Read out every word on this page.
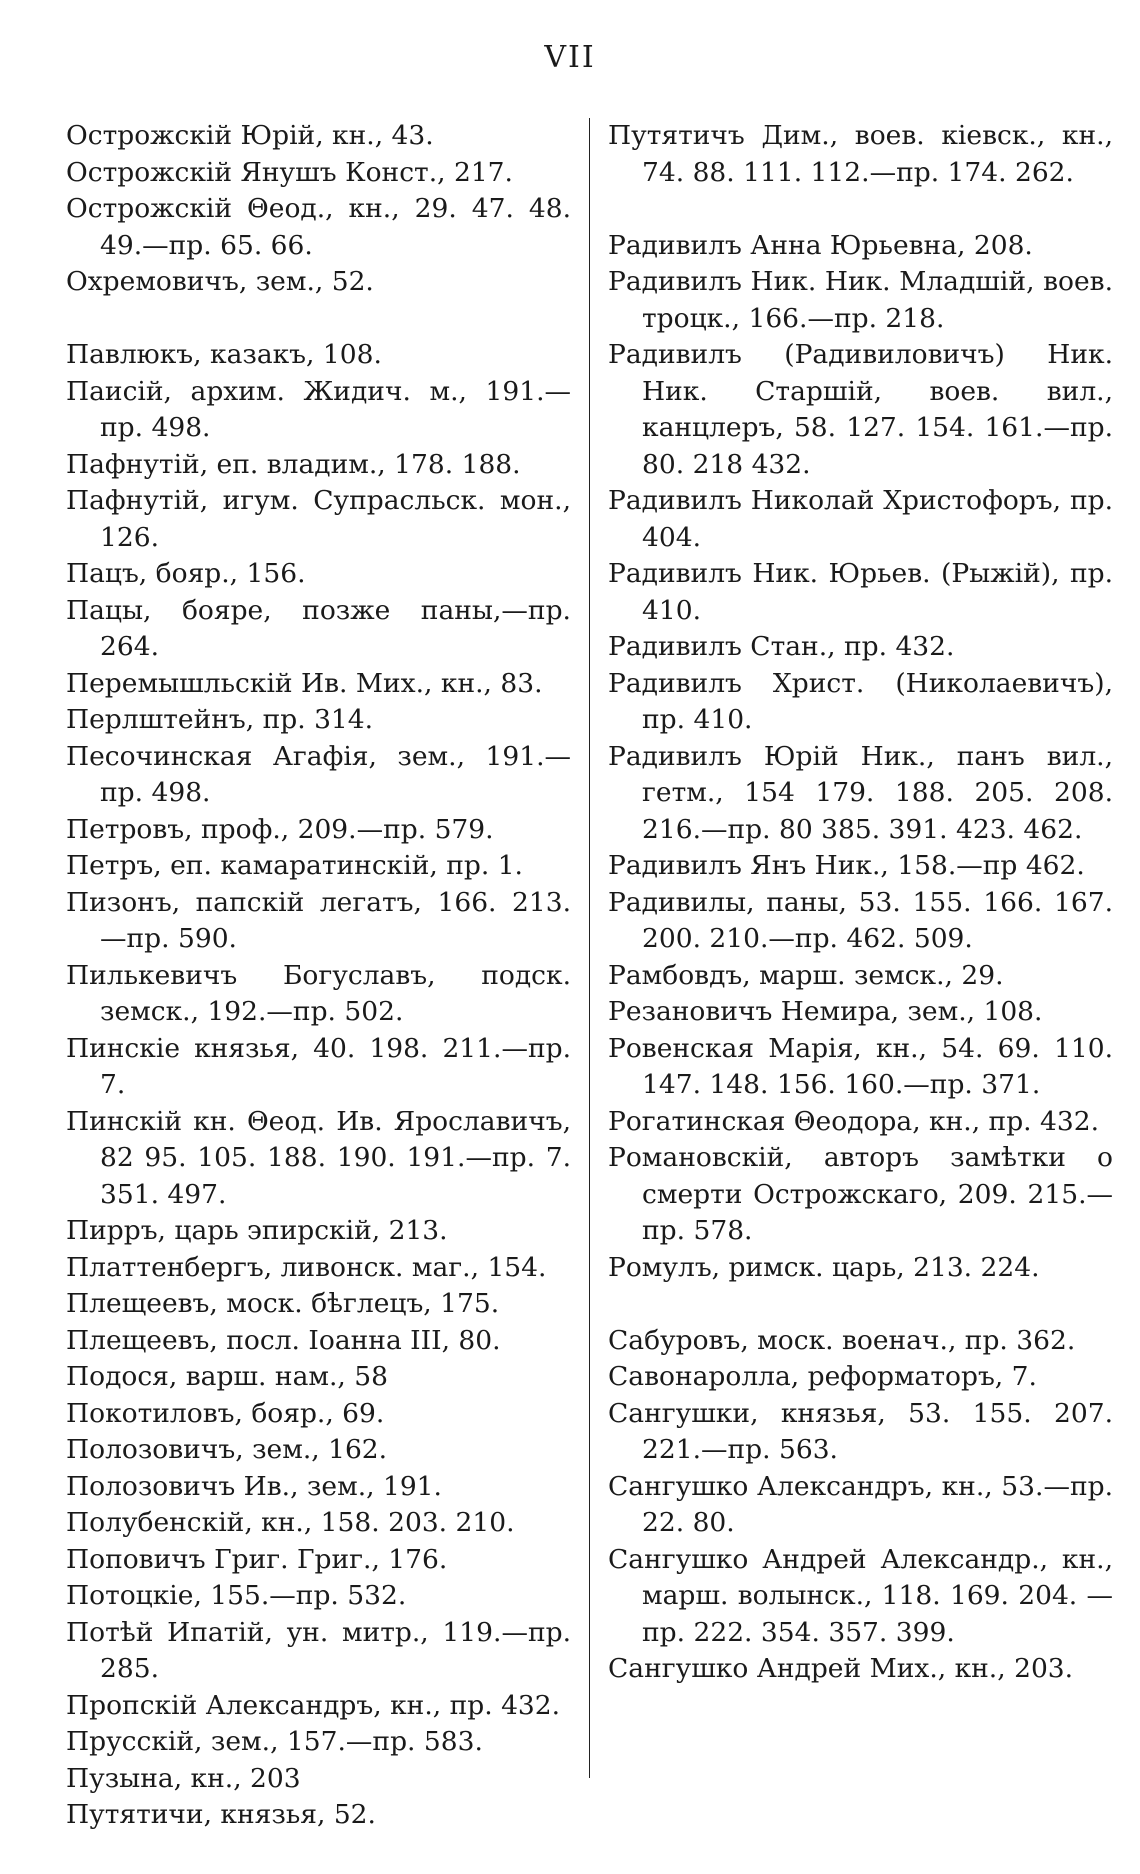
VII

Острожскій Юрій, кн., 43.

Острожскій Янушъ Конст., 217.

Острожскій Θеод., кн., 29. 47. 48. 49.—пр. 65. 66.

Охремовичъ, зем., 52.

Павлюкъ, казакъ, 108.

Паисій, архим. Жидич. м., 191.—пр. 498.

Пафнутій, еп. владим., 178. 188.

Пафнутій, игум. Супрасльск. мон., 126.

Пацъ, бояр., 156.

Пацы, бояре, позже паны,—пр. 264.

Перемышльскій Ив. Мих., кн., 83.

Перлштейнъ, пр. 314.

Песочинская Агафія, зем., 191.—пр. 498.

Петровъ, проф., 209.—пр. 579.

Петръ, еп. камаратинскій, пр. 1.

Пизонъ, папскій легатъ, 166. 213. —пр. 590.

Пилькевичъ Богуславъ, подск. земск., 192.—пр. 502.

Пинскіе князья, 40. 198. 211.—пр. 7.

Пинскій кн. Θеод. Ив. Ярославичъ, 82 95. 105. 188. 190. 191.—пр. 7. 351. 497.

Пирръ, царь эпирскій, 213.

Платтенбергъ, ливонск. маг., 154.

Плещеевъ, моск. бѣглецъ, 175.

Плещеевъ, посл. Іоанна III, 80.

Подося, варш. нам., 58

Покотиловъ, бояр., 69.

Полозовичъ, зем., 162.

Полозовичъ Ив., зем., 191.

Полубенскій, кн., 158. 203. 210.

Поповичъ Григ. Григ., 176.

Потоцкіе, 155.—пр. 532.

Потѣй Ипатій, ун. митр., 119.—пр. 285.

Пропскій Александръ, кн., пр. 432.

Прусскій, зем., 157.—пр. 583.

Пузына, кн., 203

Путятичи, князья, 52.

Путятичъ Дим., воев. кіевск., кн., 74. 88. 111. 112.—пр. 174. 262.

Радивилъ Анна Юрьевна, 208.

Радивилъ Ник. Ник. Младшій, воев. троцк., 166.—пр. 218.

Радивилъ (Радивиловичъ) Ник. Ник. Старшій, воев. вил., канцлеръ, 58. 127. 154. 161.—пр. 80. 218 432.

Радивилъ Николай Христофоръ, пр. 404.

Радивилъ Ник. Юрьев. (Рыжій), пр. 410.

Радивилъ Стан., пр. 432.

Радивилъ Христ. (Николаевичъ), пр. 410.

Радивилъ Юрій Ник., панъ вил., гетм., 154 179. 188. 205. 208. 216.—пр. 80 385. 391. 423. 462.

Радивилъ Янъ Ник., 158.—пр 462.

Радивилы, паны, 53. 155. 166. 167. 200. 210.—пр. 462. 509.

Рамбовдъ, марш. земск., 29.

Резановичъ Немира, зем., 108.

Ровенская Марія, кн., 54. 69. 110. 147. 148. 156. 160.—пр. 371.

Рогатинская Θеодора, кн., пр. 432.

Романовскій, авторъ замѣтки о смерти Острожскаго, 209. 215.—пр. 578.

Ромулъ, римск. царь, 213. 224.

Сабуровъ, моск. военач., пр. 362.

Савонаролла, реформаторъ, 7.

Сангушки, князья, 53. 155. 207. 221.—пр. 563.

Сангушко Александръ, кн., 53.—пр. 22. 80.

Сангушко Андрей Александр., кн., марш. волынск., 118. 169. 204. —пр. 222. 354. 357. 399.

Сангушко Андрей Мих., кн., 203.
